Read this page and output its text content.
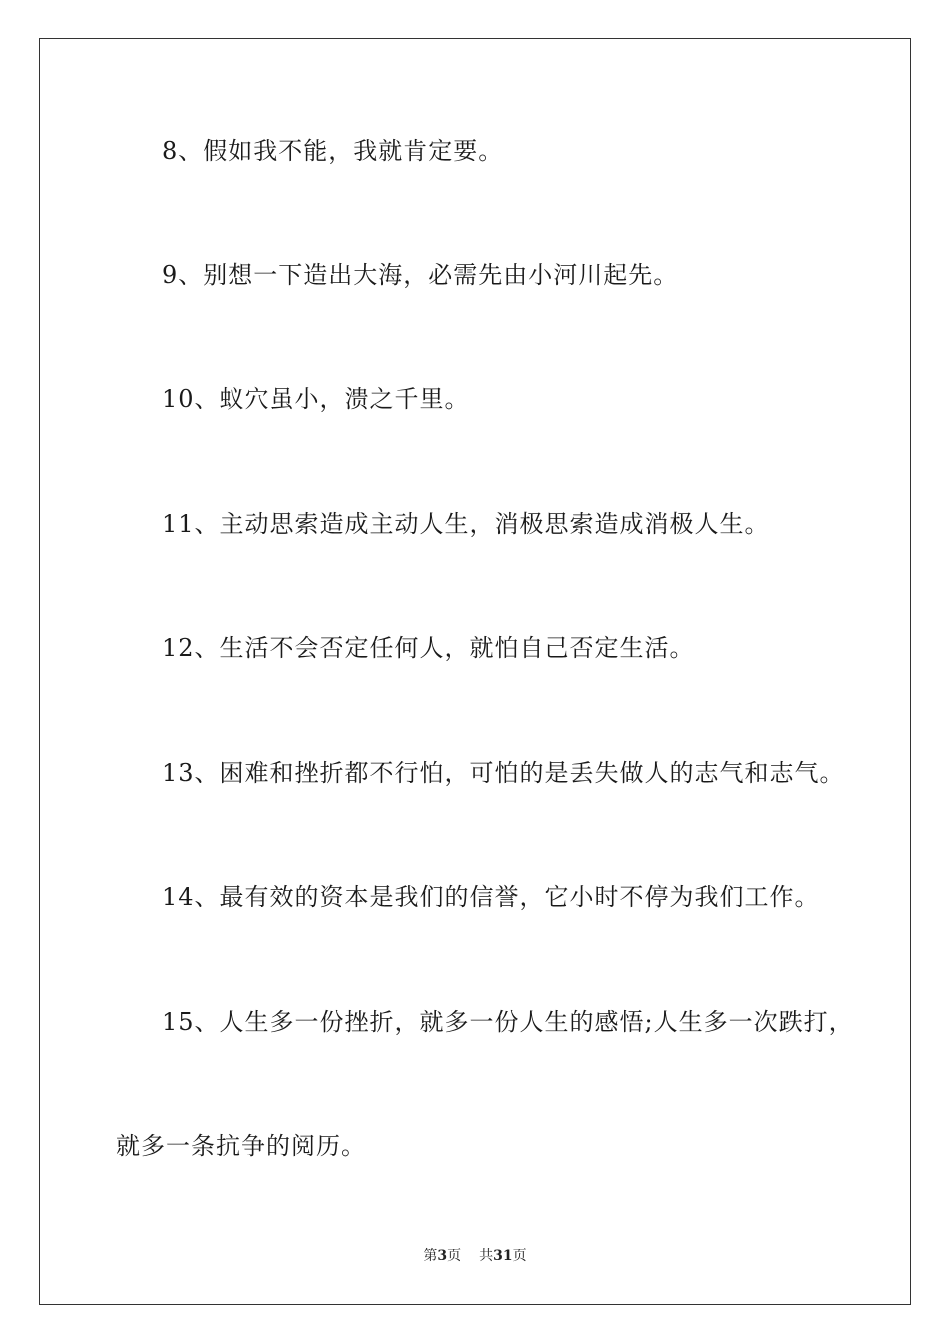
8、假如我不能，我就肯定要。
9、别想一下造出大海，必需先由小河川起先。
10、蚁穴虽小，溃之千里。
11、主动思索造成主动人生，消极思索造成消极人生。
12、生活不会否定任何人，就怕自己否定生活。
13、困难和挫折都不行怕，可怕的是丢失做人的志气和志气。
14、最有效的资本是我们的信誉，它小时不停为我们工作。
15、人生多一份挫折，就多一份人生的感悟;人生多一次跌打，
就多一条抗争的阅历。
第3页 共31页
